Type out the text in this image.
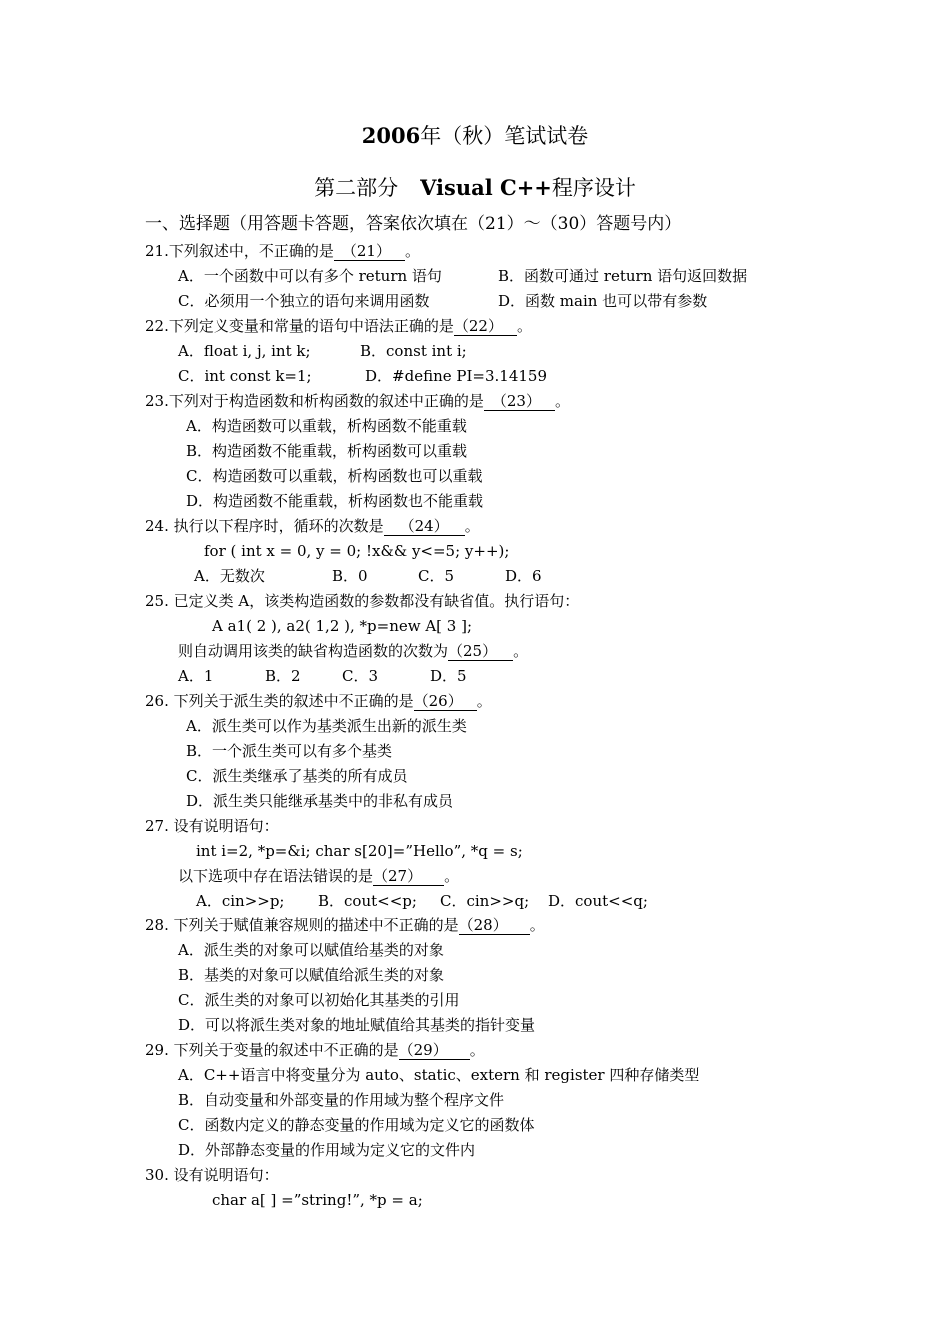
2006年（秋）笔试试卷
第二部分 Visual C++程序设计
一、选择题（用答题卡答题，答案依次填在（21）～（30）答题号内）
21.下列叙述中，不正确的是 （21） 。
A．一个函数中可以有多个 return 语句	B．函数可通过 return 语句返回数据
C．必须用一个独立的语句来调用函数	D．函数 main 也可以带有参数
22.下列定义变量和常量的语句中语法正确的是（22） 。
A．float i, j, int k;	B．const int i;
C．int const k=1;	D．#define PI=3.14159
23.下列对于构造函数和析构函数的叙述中正确的是 （23） 。
A．构造函数可以重载，析构函数不能重载
B．构造函数不能重载，析构函数可以重载
C．构造函数可以重载，析构函数也可以重载
D．构造函数不能重载，析构函数也不能重载
24. 执行以下程序时，循环的次数是 （24） 。
for ( int x = 0, y = 0; !x&& y<=5; y++);
A．无数次	B．0	C．5	D．6
25. 已定义类 A，该类构造函数的参数都没有缺省值。执行语句：
A a1( 2 ), a2( 1,2 ), *p=new A[ 3 ];
则自动调用该类的缺省构造函数的次数为（25） 。
A．1	B．2	C．3	D．5
26. 下列关于派生类的叙述中不正确的是（26） 。
A．派生类可以作为基类派生出新的派生类
B．一个派生类可以有多个基类
C．派生类继承了基类的所有成员
D．派生类只能继承基类中的非私有成员
27. 设有说明语句：
int i=2, *p=&i; char s[20]=”Hello”, *q = s;
以下选项中存在语法错误的是（27） 。
A．cin>>p; B．cout<<p; C．cin>>q; D．cout<<q;
28. 下列关于赋值兼容规则的描述中不正确的是（28） 。
A．派生类的对象可以赋值给基类的对象
B．基类的对象可以赋值给派生类的对象
C．派生类的对象可以初始化其基类的引用
D．可以将派生类对象的地址赋值给其基类的指针变量
29. 下列关于变量的叙述中不正确的是（29） 。
A．C++语言中将变量分为 auto、static、extern 和 register 四种存储类型
B．自动变量和外部变量的作用域为整个程序文件
C．函数内定义的静态变量的作用域为定义它的函数体
D．外部静态变量的作用域为定义它的文件内
30. 设有说明语句：
char a[ ] =”string!”, *p = a;
